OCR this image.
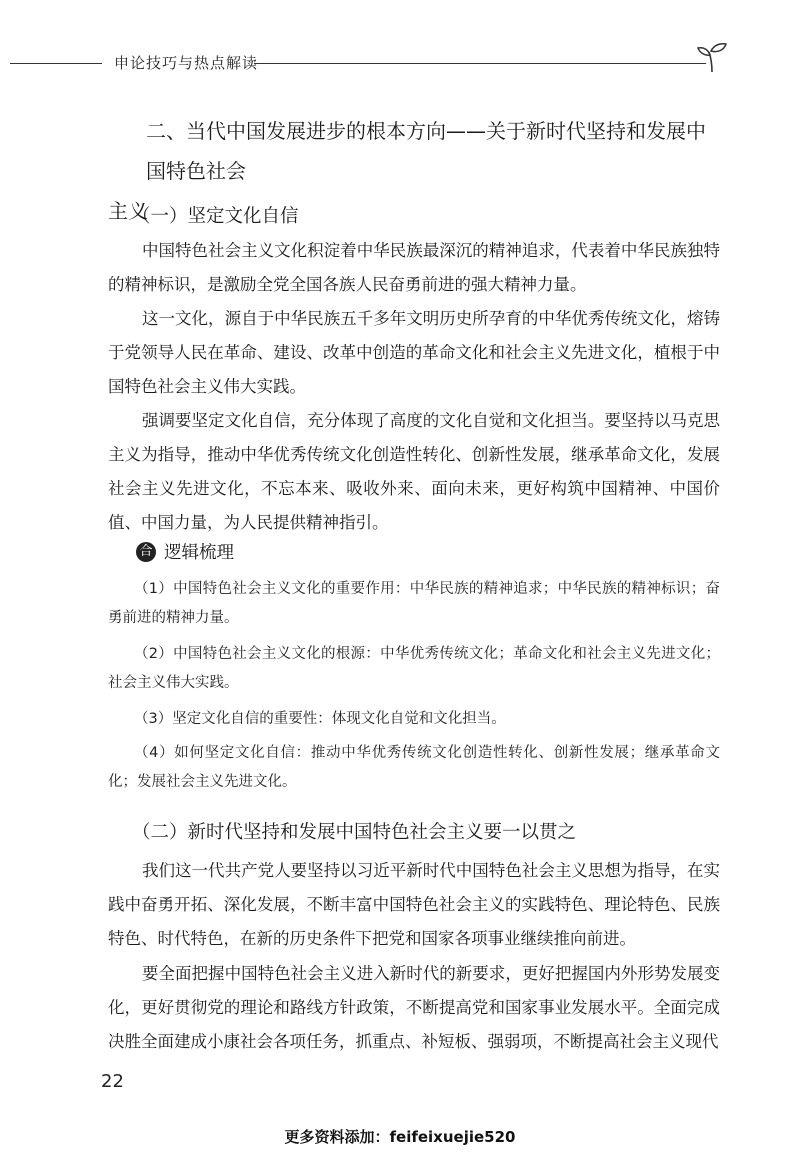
申论技巧与热点解读
二、当代中国发展进步的根本方向——关于新时代坚持和发展中国特色社会
主义
（一）坚定文化自信
中国特色社会主义文化积淀着中华民族最深沉的精神追求，代表着中华民族独特的精神标识，是激励全党全国各族人民奋勇前进的强大精神力量。
这一文化，源自于中华民族五千多年文明历史所孕育的中华优秀传统文化，熔铸于党领导人民在革命、建设、改革中创造的革命文化和社会主义先进文化，植根于中国特色社会主义伟大实践。
强调要坚定文化自信，充分体现了高度的文化自觉和文化担当。要坚持以马克思主义为指导，推动中华优秀传统文化创造性转化、创新性发展，继承革命文化，发展社会主义先进文化，不忘本来、吸收外来、面向未来，更好构筑中国精神、中国价值、中国力量，为人民提供精神指引。
合 逻辑梳理
（1）中国特色社会主义文化的重要作用：中华民族的精神追求；中华民族的精神标识；奋勇前进的精神力量。
（2）中国特色社会主义文化的根源：中华优秀传统文化；革命文化和社会主义先进文化；社会主义伟大实践。
（3）坚定文化自信的重要性：体现文化自觉和文化担当。
（4）如何坚定文化自信：推动中华优秀传统文化创造性转化、创新性发展；继承革命文化；发展社会主义先进文化。
（二）新时代坚持和发展中国特色社会主义要一以贯之
我们这一代共产党人要坚持以习近平新时代中国特色社会主义思想为指导，在实践中奋勇开拓、深化发展，不断丰富中国特色社会主义的实践特色、理论特色、民族特色、时代特色，在新的历史条件下把党和国家各项事业继续推向前进。
要全面把握中国特色社会主义进入新时代的新要求，更好把握国内外形势发展变化，更好贯彻党的理论和路线方针政策，不断提高党和国家事业发展水平。全面完成决胜全面建成小康社会各项任务，抓重点、补短板、强弱项，不断提高社会主义现代
22
更多资料添加：feifeixuejie520
